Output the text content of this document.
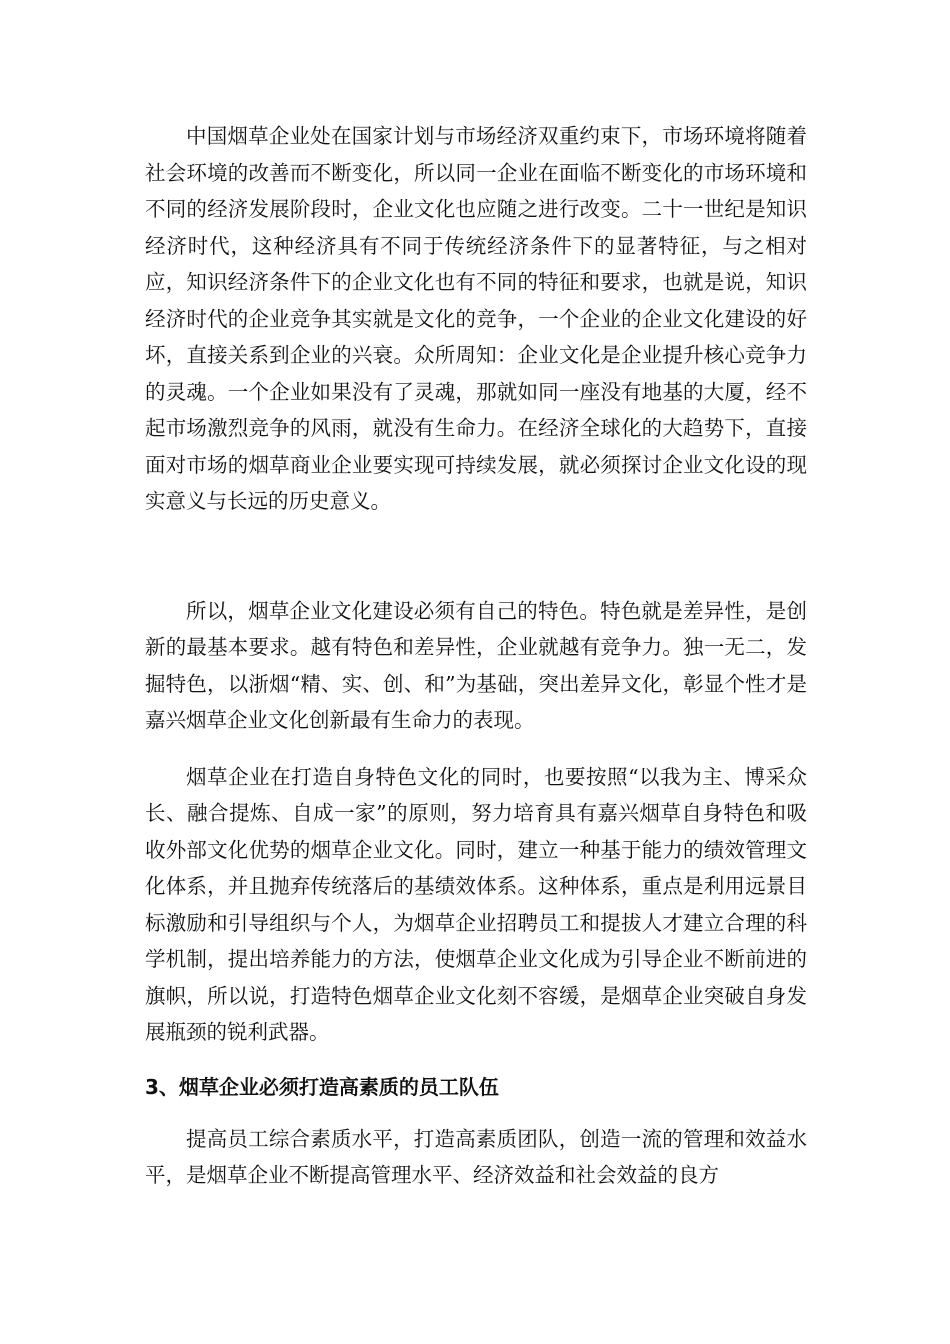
中国烟草企业处在国家计划与市场经济双重约束下，市场环境将随着社会环境的改善而不断变化，所以同一企业在面临不断变化的市场环境和不同的经济发展阶段时，企业文化也应随之进行改变。二十一世纪是知识经济时代，这种经济具有不同于传统经济条件下的显著特征，与之相对应，知识经济条件下的企业文化也有不同的特征和要求，也就是说，知识经济时代的企业竞争其实就是文化的竞争，一个企业的企业文化建设的好坏，直接关系到企业的兴衰。众所周知：企业文化是企业提升核心竞争力的灵魂。一个企业如果没有了灵魂，那就如同一座没有地基的大厦，经不起市场激烈竞争的风雨，就没有生命力。在经济全球化的大趋势下，直接面对市场的烟草商业企业要实现可持续发展，就必须探讨企业文化设的现实意义与长远的历史意义。

所以，烟草企业文化建设必须有自己的特色。特色就是差异性，是创新的最基本要求。越有特色和差异性，企业就越有竞争力。独一无二，发掘特色，以浙烟“精、实、创、和”为基础，突出差异文化，彰显个性才是嘉兴烟草企业文化创新最有生命力的表现。

烟草企业在打造自身特色文化的同时，也要按照“以我为主、博采众长、融合提炼、自成一家”的原则，努力培育具有嘉兴烟草自身特色和吸收外部文化优势的烟草企业文化。同时，建立一种基于能力的绩效管理文化体系，并且抛弃传统落后的基绩效体系。这种体系，重点是利用远景目标激励和引导组织与个人，为烟草企业招聘员工和提拔人才建立合理的科学机制，提出培养能力的方法，使烟草企业文化成为引导企业不断前进的旗帜，所以说，打造特色烟草企业文化刻不容缓，是烟草企业突破自身发展瓶颈的锐利武器。

3、烟草企业必须打造高素质的员工队伍

提高员工综合素质水平，打造高素质团队，创造一流的管理和效益水平，是烟草企业不断提高管理水平、经济效益和社会效益的良方
